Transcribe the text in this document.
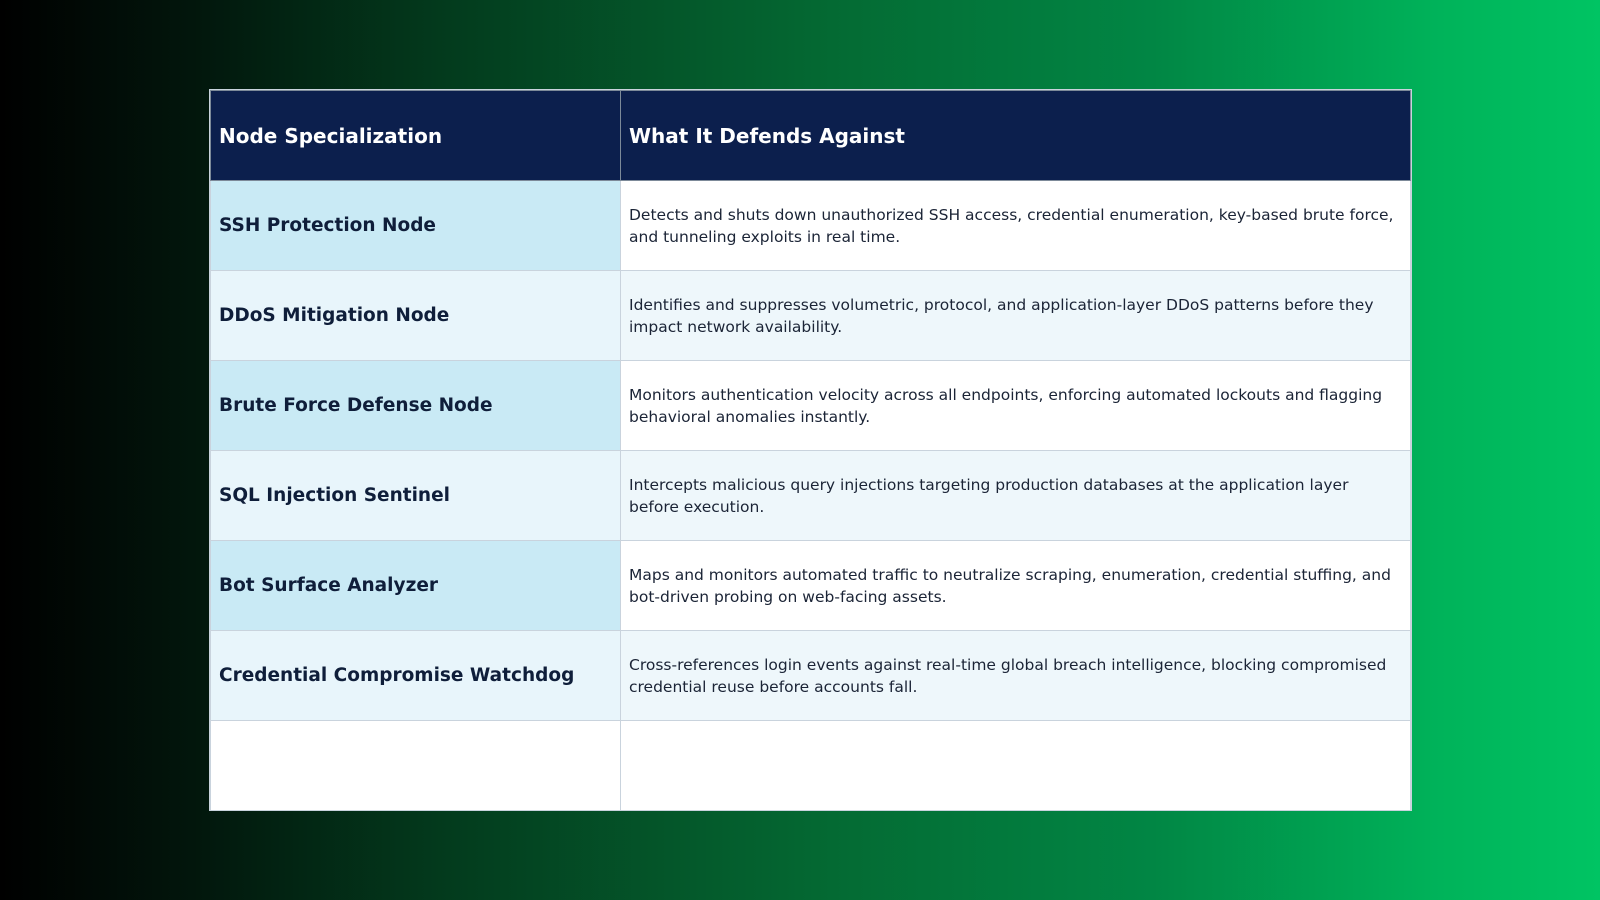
Node Specialization	What It Defends Against
SSH Protection Node	Detects and shuts down unauthorized SSH access, credential enumeration, key-based brute force, and tunneling exploits in real time.
DDoS Mitigation Node	Identifies and suppresses volumetric, protocol, and application-layer DDoS patterns before they impact network availability.
Brute Force Defense Node	Monitors authentication velocity across all endpoints, enforcing automated lockouts and flagging behavioral anomalies instantly.
SQL Injection Sentinel	Intercepts malicious query injections targeting production databases at the application layer before execution.
Bot Surface Analyzer	Maps and monitors automated traffic to neutralize scraping, enumeration, credential stuffing, and bot-driven probing on web-facing assets.
Credential Compromise Watchdog	Cross-references login events against real-time global breach intelligence, blocking compromised credential reuse before accounts fall.
